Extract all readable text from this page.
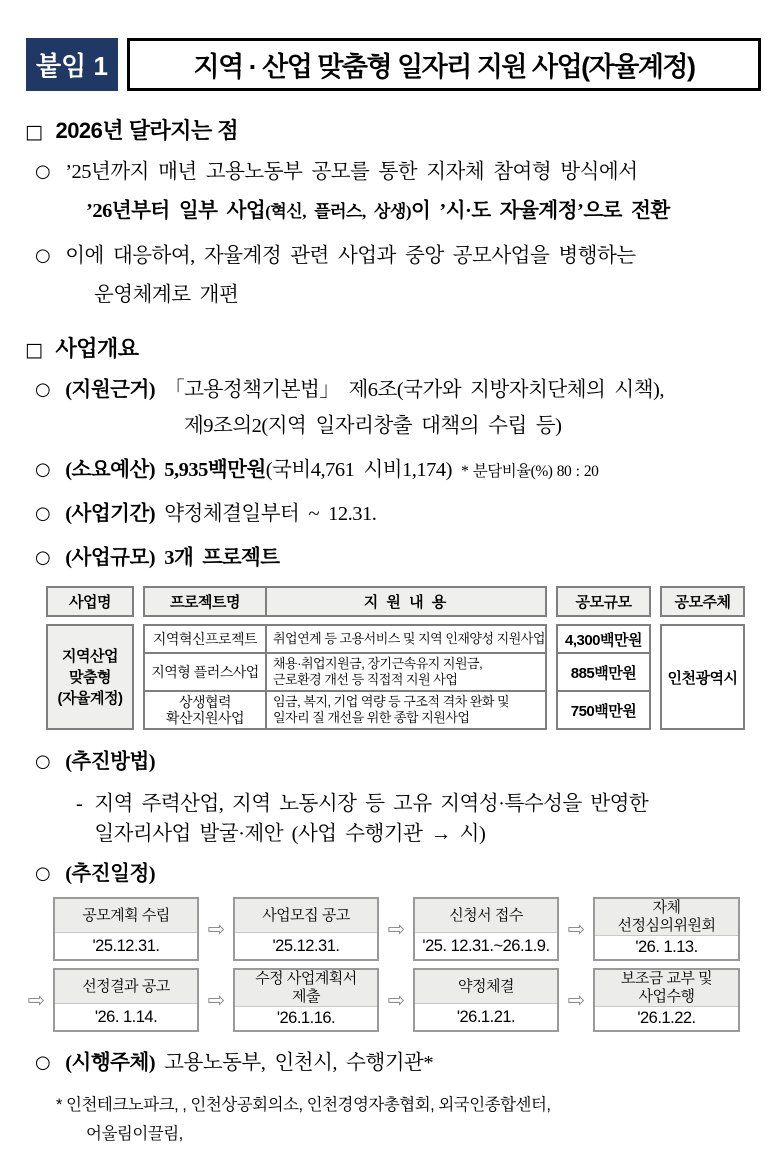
붙임 1	지역 · 산업 맞춤형 일자리 지원 사업(자율계정)
□ 2026년 달라지는 점
○ ’25년까지 매년 고용노동부 공모를 통한 지자체 참여형 방식에서
’26년부터 일부 사업(혁신, 플러스, 상생)이 ’시·도 자율계정’으로 전환
○ 이에 대응하여, 자율계정 관련 사업과 중앙 공모사업을 병행하는
운영체계로 개편
□ 사업개요
○ (지원근거) 「고용정책기본법」 제6조(국가와 지방자치단체의 시책),
제9조의2(지역 일자리창출 대책의 수립 등)
○ (소요예산) 5,935백만원(국비4,761 시비1,174) * 분담비율(%) 80 : 20
○ (사업기간) 약정체결일부터 ~ 12.31.
○ (사업규모) 3개 프로젝트
사업명
지역산업
맞춤형
(자율계정)
프로젝트명	지 원 내 용
지역혁신프로젝트 취업연계 등 고용서비스 및 지역 인재양성 지원사업
지역형 플러스사업
채용·취업지원금, 장기근속유지 지원금,
근로환경 개선 등 직접적 지원 사업
상생협력
확산지원사업
임금, 복지, 기업 역량 등 구조적 격차 완화 및
일자리 질 개선을 위한 종합 지원사업
공모규모
4,300백만원
885백만원
750백만원
공모주체
인천광역시
○ (추진방법)
- 지역 주력산업, 지역 노동시장 등 고유 지역성·특수성을 반영한
일자리사업 발굴·제안 (사업 수행기관 → 시)
○ (추진일정)
공모계획 수립
'25.12.31.
⇨
사업모집 공고
'25.12.31.
⇨
신청서 접수
'25. 12.31.~26.1.9.
⇨
자체
선정심의위원회
'26. 1.13.
⇨
선정결과 공고
'26. 1.14.
⇨
수정 사업계획서
제출
'26.1.16.
⇨
약정체결
'26.1.21.
⇨
보조금 교부 및
사업수행
'26.1.22.
○ (시행주체) 고용노동부, 인천시, 수행기관*
* 인천테크노파크, , 인천상공회의소, 인천경영자총협회, 외국인종합센터,
어울림이끌림,
